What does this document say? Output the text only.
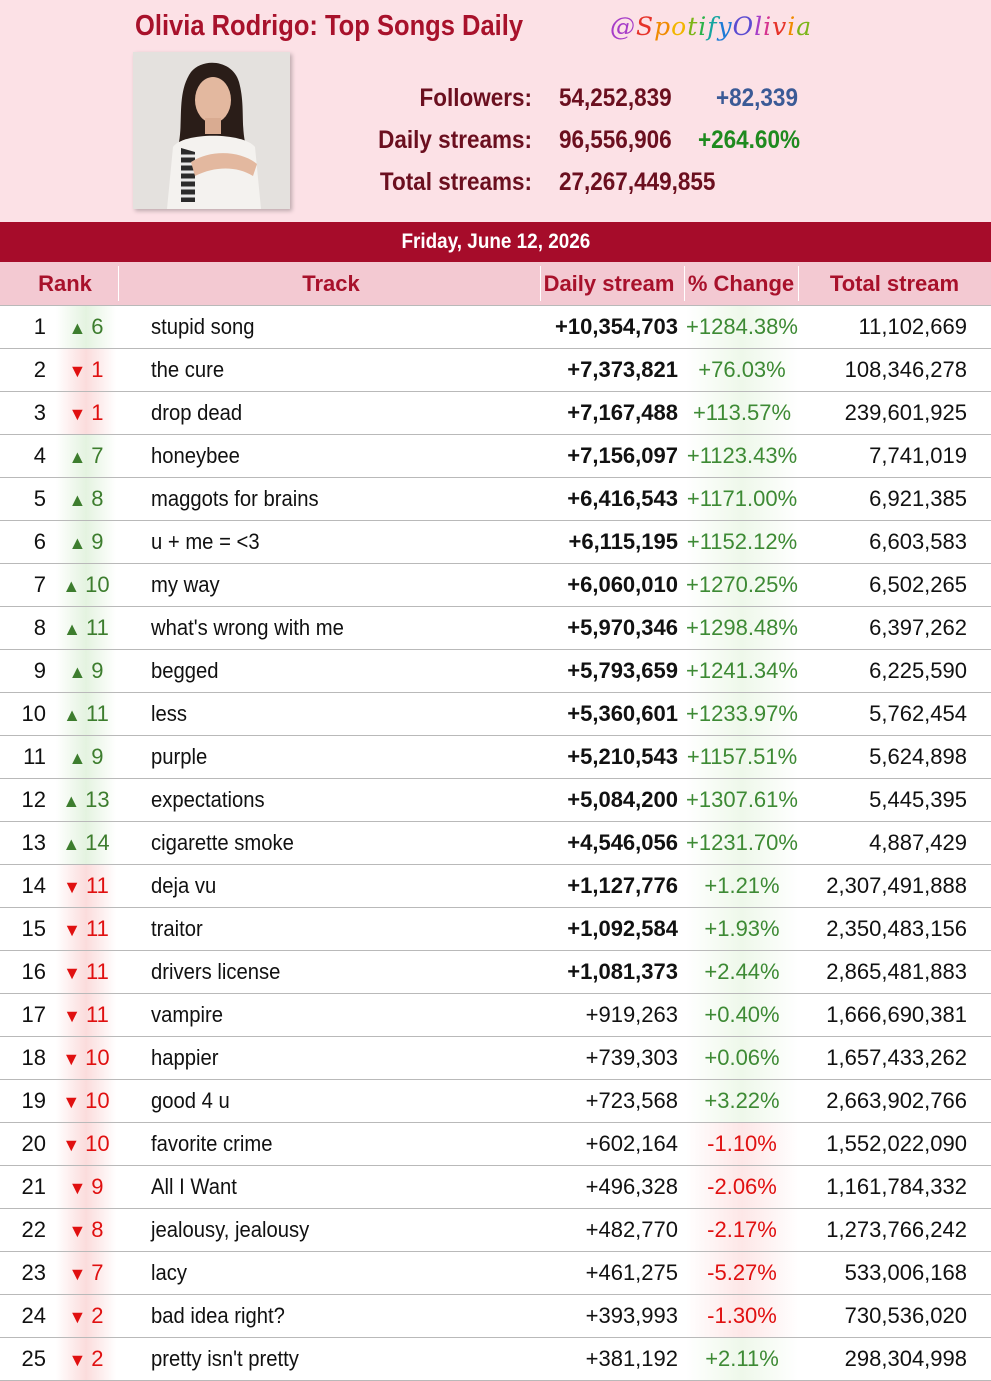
Olivia Rodrigo: Top Songs Daily	@SpotifyOlivia
Followers: 54,252,839 +82,339
Daily streams: 96,556,906 +264.60%
Total streams: 27,267,449,855
Friday, June 12, 2026
Rank	Track	Daily stream % Change	Total stream
1	▲ 6	stupid song	+10,354,703 +1284.38%	11,102,669
2	▼ 1	the cure	+7,373,821 +76.03%	108,346,278
3	▼ 1	drop dead	+7,167,488 +113.57%	239,601,925
4	▲ 7	honeybee	+7,156,097 +1123.43%	7,741,019
5	▲ 8	maggots for brains	+6,416,543 +1171.00%	6,921,385
6	▲ 9	u + me = <3	+6,115,195 +1152.12%	6,603,583
7 ▲ 10 my way	+6,060,010 +1270.25%	6,502,265
8 ▲ 11	what's wrong with me	+5,970,346 +1298.48%	6,397,262
9	▲ 9	begged	+5,793,659 +1241.34%	6,225,590
10 ▲ 11	less	+5,360,601 +1233.97%	5,762,454
11	▲ 9	purple	+5,210,543 +1157.51%	5,624,898
12 ▲ 13 expectations	+5,084,200 +1307.61%	5,445,395
13 ▲ 14 cigarette smoke	+4,546,056 +1231.70%	4,887,429
14 ▼ 11	deja vu	+1,127,776	+1.21%	2,307,491,888
15 ▼ 11	traitor	+1,092,584	+1.93%	2,350,483,156
16 ▼ 11	drivers license	+1,081,373	+2.44%	2,865,481,883
17 ▼ 11	vampire	+919,263	+0.40%	1,666,690,381
18 ▼ 10 happier	+739,303	+0.06%	1,657,433,262
19 ▼ 10 good 4 u	+723,568	+3.22%	2,663,902,766
20 ▼ 10 favorite crime	+602,164	-1.10%	1,552,022,090
21	▼ 9	All I Want	+496,328	-2.06%	1,161,784,332
22	▼ 8	jealousy, jealousy	+482,770	-2.17%	1,273,766,242
23	▼ 7	lacy	+461,275	-5.27%	533,006,168
24	▼ 2	bad idea right?	+393,993	-1.30%	730,536,020
25	▼ 2	pretty isn't pretty	+381,192	+2.11%	298,304,998
